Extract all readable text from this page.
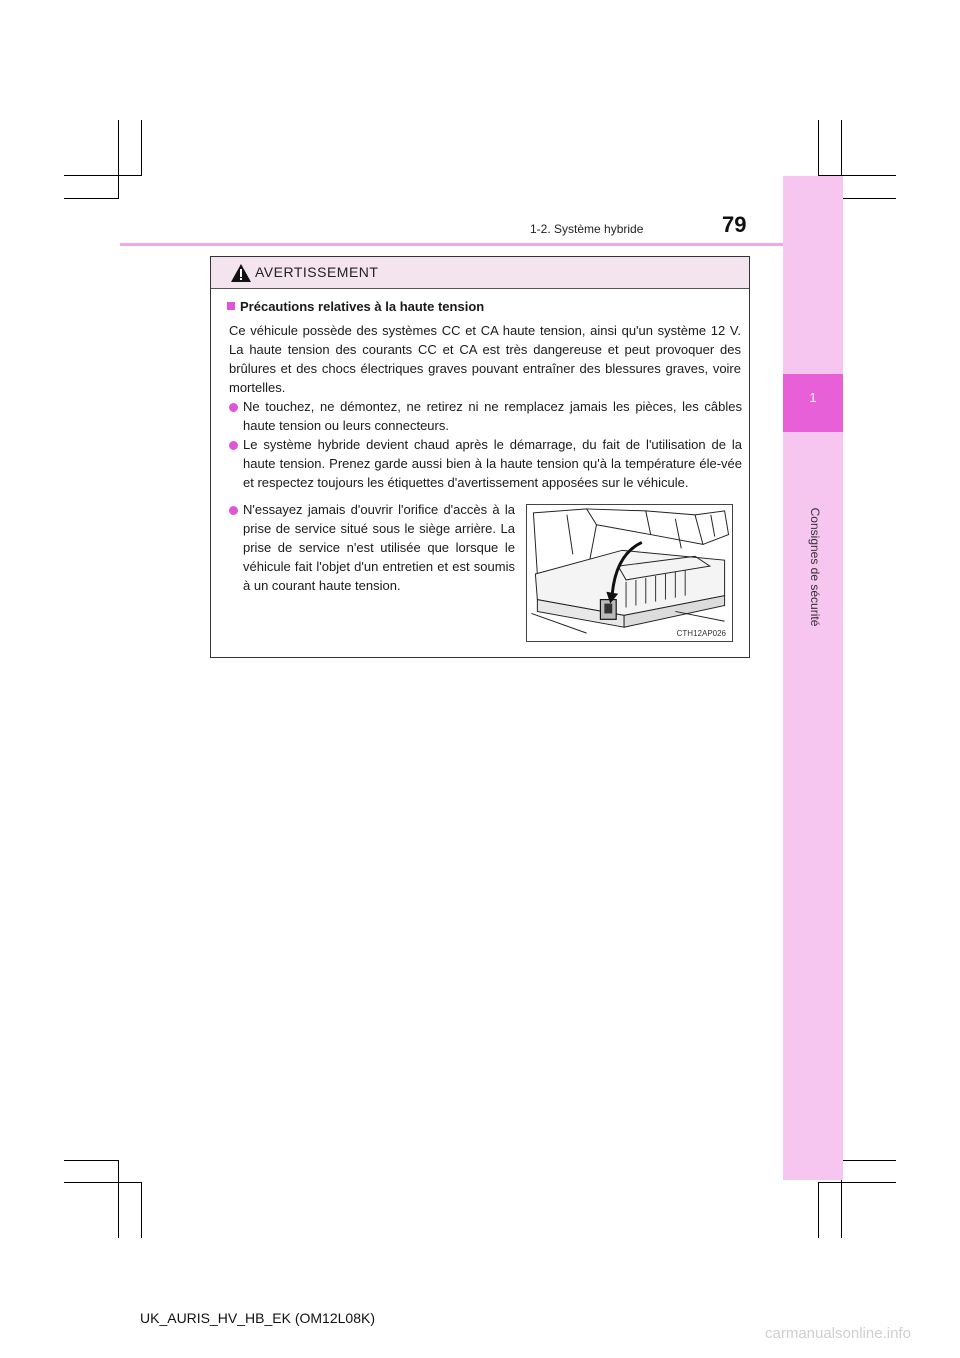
1
Consignes de sécurité
1-2. Système hybride	79
AVERTISSEMENT
Précautions relatives à la haute tension
Ce véhicule possède des systèmes CC et CA haute tension, ainsi qu'un système 12 V. La haute tension des courants CC et CA est très dangereuse et peut provoquer des brûlures et des chocs électriques graves pouvant entraîner des blessures graves, voire mortelles.
Ne touchez, ne démontez, ne retirez ni ne remplacez jamais les pièces, les câbles haute tension ou leurs connecteurs.
Le système hybride devient chaud après le démarrage, du fait de l'utilisation de la haute tension. Prenez garde aussi bien à la haute tension qu'à la température éle-vée et respectez toujours les étiquettes d'avertissement apposées sur le véhicule.
N'essayez jamais d'ouvrir l'orifice d'accès à la prise de service situé sous le siège arrière. La prise de service n'est utilisée que lorsque le véhicule fait l'objet d'un entretien et est soumis à un courant haute tension.
CTH12AP026
UK_AURIS_HV_HB_EK (OM12L08K)
carmanualsonline.info
